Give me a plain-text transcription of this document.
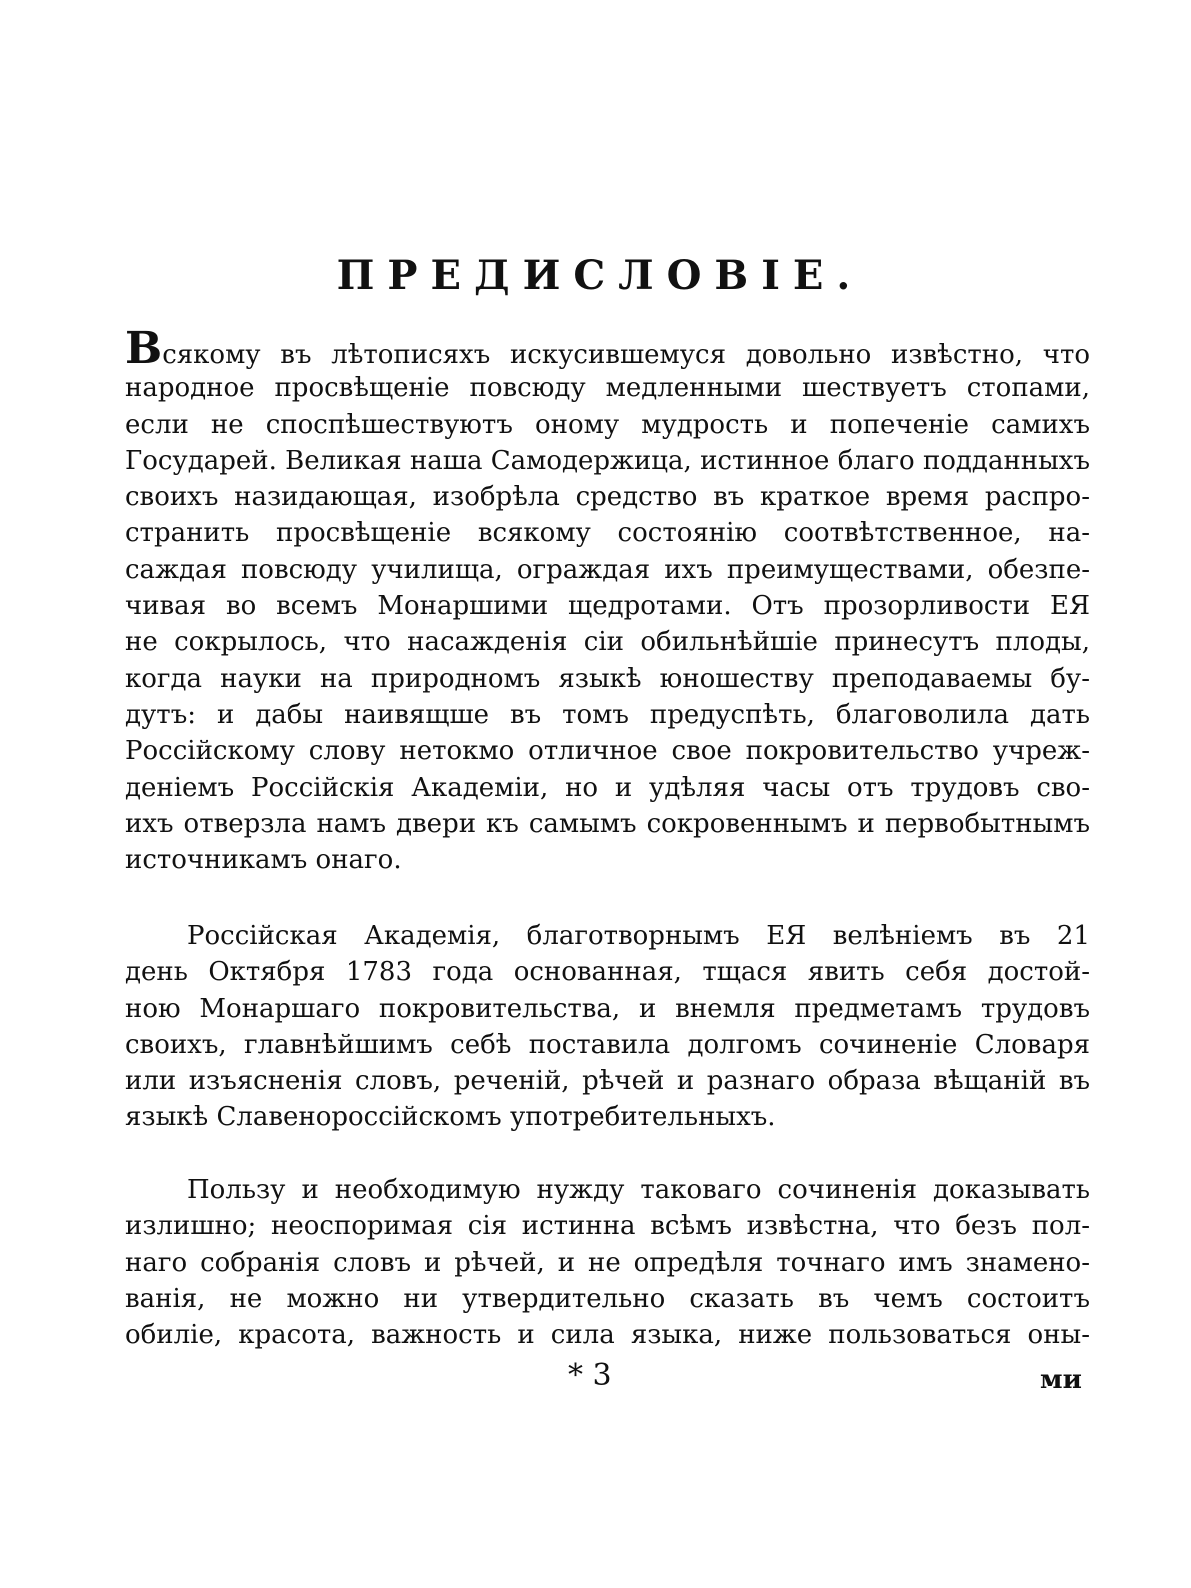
ПРЕДИСЛОВIЕ.
Всякому въ лѣтописяхъ искусившемуся довольно извѣстно, что
народное просвѣщенiе повсюду медленными шествуетъ стопами,
если не споспѣшествуютъ оному мудрость и попеченiе самихъ
Государей. Великая наша Самодержица, истинное благо подданныхъ
своихъ назидающая, изобрѣла средство въ краткое время распро-
странить просвѣщенiе всякому состоянiю соотвѣтственное, на-
саждая повсюду училища, ограждая ихъ преимуществами, обезпе-
чивая во всемъ Монаршими щедротами. Отъ прозорливости ЕЯ
не сокрылось, что насажденiя сiи обильнѣйшiе принесутъ плоды,
когда науки на природномъ языкѣ юношеству преподаваемы бу-
дутъ: и дабы наивящше въ томъ предуспѣть, благоволила дать
Россiйскому слову нетокмо отличное свое покровительство учреж-
денiемъ Россiйскiя Академiи, но и удѣляя часы отъ трудовъ сво-
ихъ отверзла намъ двери къ самымъ сокровеннымъ и первобытнымъ
источникамъ онаго.
Россiйская Академiя, благотворнымъ ЕЯ велѣнiемъ въ 21
день Октября 1783 года основанная, тщася явить себя достой-
ною Монаршаго покровительства, и внемля предметамъ трудовъ
своихъ, главнѣйшимъ себѣ поставила долгомъ сочиненiе Словаря
или изъясненiя словъ, реченiй, рѣчей и разнаго образа вѣщанiй въ
языкѣ Славенороссiйскомъ употребительныхъ.
Пользу и необходимую нужду таковаго сочиненiя доказывать
излишно; неоспоримая сiя истинна всѣмъ извѣстна, что безъ пол-
наго собранiя словъ и рѣчей, и не опредѣля точнаго имъ знамено-
ванiя, не можно ни утвердительно сказать въ чемъ состоитъ
обилiе, красота, важность и сила языка, ниже пользоваться оны-

* 3	ми
